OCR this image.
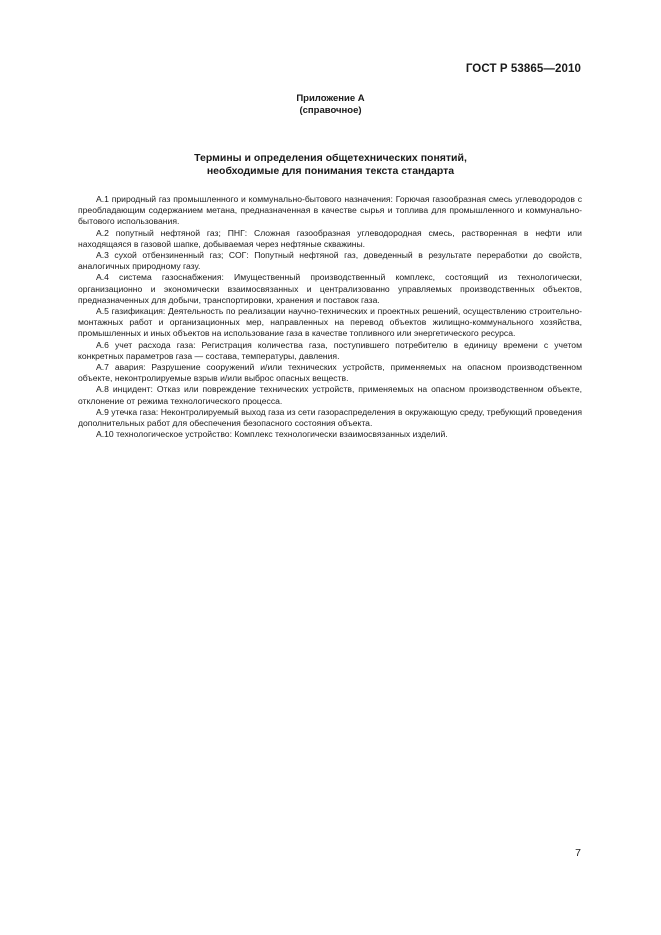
ГОСТ Р 53865—2010
Приложение А
(справочное)
Термины и определения общетехнических понятий,
необходимые для понимания текста стандарта

А.1 природный газ промышленного и коммунально-бытового назначения: Горючая газообразная смесь углеводородов с преобладающим содержанием метана, предназначенная в качестве сырья и топлива для промышленного и коммунально-бытового использования.

А.2 попутный нефтяной газ; ПНГ: Сложная газообразная углеводородная смесь, растворенная в нефти или находящаяся в газовой шапке, добываемая через нефтяные скважины.

А.3 сухой отбензиненный газ; СОГ: Попутный нефтяной газ, доведенный в результате переработки до свойств, аналогичных природному газу.

А.4 система газоснабжения: Имущественный производственный комплекс, состоящий из технологически, организационно и экономически взаимосвязанных и централизованно управляемых производственных объектов, предназначенных для добычи, транспортировки, хранения и поставок газа.

А.5 газификация: Деятельность по реализации научно-технических и проектных решений, осуществлению строительно-монтажных работ и организационных мер, направленных на перевод объектов жилищно-коммунального хозяйства, промышленных и иных объектов на использование газа в качестве топливного или энергетического ресурса.

А.6 учет расхода газа: Регистрация количества газа, поступившего потребителю в единицу времени с учетом конкретных параметров газа — состава, температуры, давления.

А.7 авария: Разрушение сооружений и/или технических устройств, применяемых на опасном производственном объекте, неконтролируемые взрыв и/или выброс опасных веществ.

А.8 инцидент: Отказ или повреждение технических устройств, применяемых на опасном производственном объекте, отклонение от режима технологического процесса.

А.9 утечка газа: Неконтролируемый выход газа из сети газораспределения в окружающую среду, требующий проведения дополнительных работ для обеспечения безопасного состояния объекта.

А.10 технологическое устройство: Комплекс технологически взаимосвязанных изделий.

7
